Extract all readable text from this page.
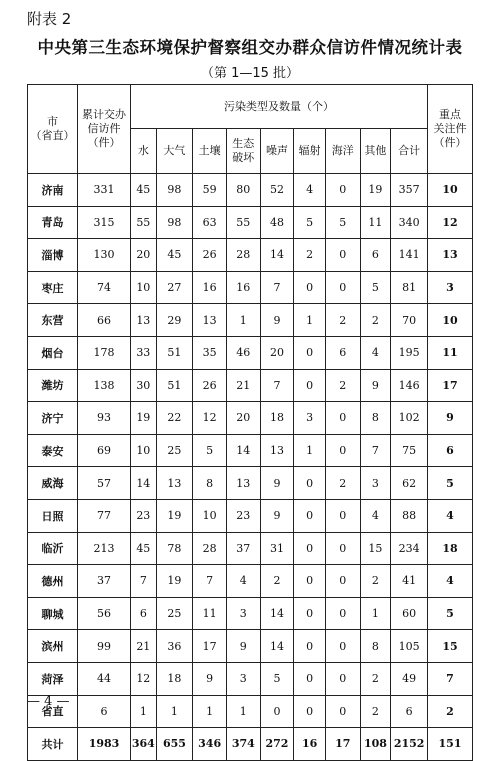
附表 2
中央第三生态环境保护督察组交办群众信访件情况统计表
（第 1—15 批）
市
（省直）	累计交办
信访件
（件）	污染类型及数量（个）									重点
关注件
（件）
		水	大气	土壤	生态
破坏	噪声	辐射	海洋	其他	合计	
济南	331	45	98	59	80	52	4	0	19	357	10
青岛	315	55	98	63	55	48	5	5	11	340	12
淄博	130	20	45	26	28	14	2	0	6	141	13
枣庄	74	10	27	16	16	7	0	0	5	81	3
东营	66	13	29	13	1	9	1	2	2	70	10
烟台	178	33	51	35	46	20	0	6	4	195	11
潍坊	138	30	51	26	21	7	0	2	9	146	17
济宁	93	19	22	12	20	18	3	0	8	102	9
泰安	69	10	25	5	14	13	1	0	7	75	6
威海	57	14	13	8	13	9	0	2	3	62	5
日照	77	23	19	10	23	9	0	0	4	88	4
临沂	213	45	78	28	37	31	0	0	15	234	18
德州	37	7	19	7	4	2	0	0	2	41	4
聊城	56	6	25	11	3	14	0	0	1	60	5
滨州	99	21	36	17	9	14	0	0	8	105	15
菏泽	44	12	18	9	3	5	0	0	2	49	7
省直	6	1	1	1	1	0	0	0	2	6	2
共计	1983	364	655	346	374	272	16	17	108	2152	151
— 4 —
